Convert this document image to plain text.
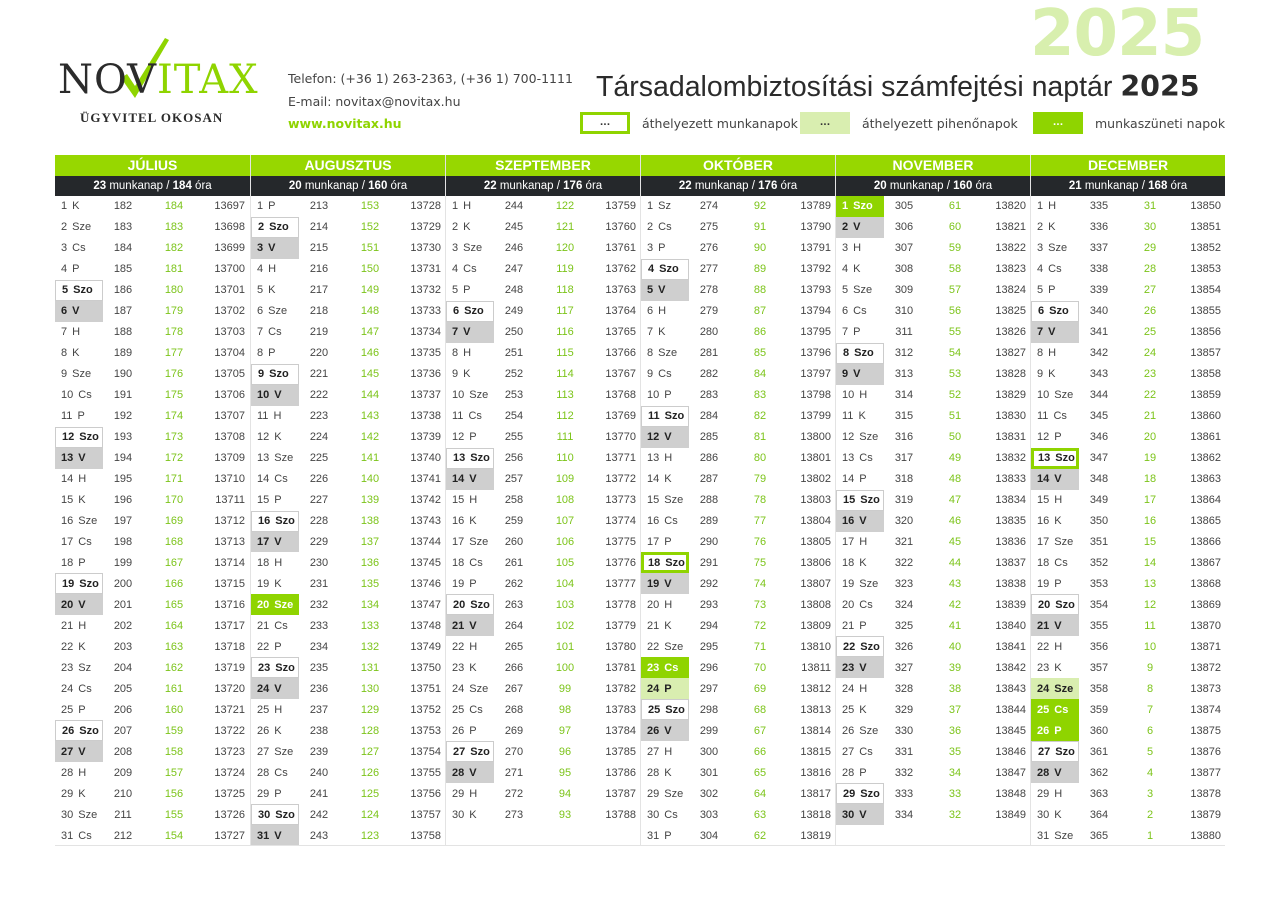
NOVITAX
ÜGYVITEL OKOSAN
Telefon: (+36 1) 263-2363, (+36 1) 700-1111
E-mail: novitax@novitax.hu
www.novitax.hu
2025
Társadalombiztosítási számfejtési naptár 2025
...	áthelyezett munkanapok	...	áthelyezett pihenőnapok	...	munkaszüneti napok
JÚLIUS
23 munkanap / 184 óra
1 K	182	184	13697
2 Sze	183	183	13698
3 Cs	184	182	13699
4 P	185	181	13700
5 Szo	186	180	13701
6 V	187	179	13702
7 H	188	178	13703
8 K	189	177	13704
9 Sze	190	176	13705
10 Cs	191	175	13706
11 P	192	174	13707
12 Szo	193	173	13708
13 V	194	172	13709
14 H	195	171	13710
15 K	196	170	13711
16 Sze	197	169	13712
17 Cs	198	168	13713
18 P	199	167	13714
19 Szo	200	166	13715
20 V	201	165	13716
21 H	202	164	13717
22 K	203	163	13718
23 Sz	204	162	13719
24 Cs	205	161	13720
25 P	206	160	13721
26 Szo	207	159	13722
27 V	208	158	13723
28 H	209	157	13724
29 K	210	156	13725
30 Sze	211	155	13726
31 Cs	212	154	13727
AUGUSZTUS
20 munkanap / 160 óra
1 P	213	153	13728
2 Szo	214	152	13729
3 V	215	151	13730
4 H	216	150	13731
5 K	217	149	13732
6 Sze	218	148	13733
7 Cs	219	147	13734
8 P	220	146	13735
9 Szo	221	145	13736
10 V	222	144	13737
11 H	223	143	13738
12 K	224	142	13739
13 Sze	225	141	13740
14 Cs	226	140	13741
15 P	227	139	13742
16 Szo	228	138	13743
17 V	229	137	13744
18 H	230	136	13745
19 K	231	135	13746
20 Sze	232	134	13747
21 Cs	233	133	13748
22 P	234	132	13749
23 Szo	235	131	13750
24 V	236	130	13751
25 H	237	129	13752
26 K	238	128	13753
27 Sze	239	127	13754
28 Cs	240	126	13755
29 P	241	125	13756
30 Szo	242	124	13757
31 V	243	123	13758
SZEPTEMBER
22 munkanap / 176 óra
1 H	244	122	13759
2 K	245	121	13760
3 Sze	246	120	13761
4 Cs	247	119	13762
5 P	248	118	13763
6 Szo	249	117	13764
7 V	250	116	13765
8 H	251	115	13766
9 K	252	114	13767
10 Sze	253	113	13768
11 Cs	254	112	13769
12 P	255	111	13770
13 Szo	256	110	13771
14 V	257	109	13772
15 H	258	108	13773
16 K	259	107	13774
17 Sze	260	106	13775
18 Cs	261	105	13776
19 P	262	104	13777
20 Szo	263	103	13778
21 V	264	102	13779
22 H	265	101	13780
23 K	266	100	13781
24 Sze	267	99	13782
25 Cs	268	98	13783
26 P	269	97	13784
27 Szo	270	96	13785
28 V	271	95	13786
29 H	272	94	13787
30 K	273	93	13788
OKTÓBER
22 munkanap / 176 óra
1 Sz	274	92	13789
2 Cs	275	91	13790
3 P	276	90	13791
4 Szo	277	89	13792
5 V	278	88	13793
6 H	279	87	13794
7 K	280	86	13795
8 Sze	281	85	13796
9 Cs	282	84	13797
10 P	283	83	13798
11 Szo	284	82	13799
12 V	285	81	13800
13 H	286	80	13801
14 K	287	79	13802
15 Sze	288	78	13803
16 Cs	289	77	13804
17 P	290	76	13805
18 Szo	291	75	13806
19 V	292	74	13807
20 H	293	73	13808
21 K	294	72	13809
22 Sze	295	71	13810
23 Cs	296	70	13811
24 P	297	69	13812
25 Szo	298	68	13813
26 V	299	67	13814
27 H	300	66	13815
28 K	301	65	13816
29 Sze	302	64	13817
30 Cs	303	63	13818
31 P	304	62	13819
NOVEMBER
20 munkanap / 160 óra
1 Szo	305	61	13820
2 V	306	60	13821
3 H	307	59	13822
4 K	308	58	13823
5 Sze	309	57	13824
6 Cs	310	56	13825
7 P	311	55	13826
8 Szo	312	54	13827
9 V	313	53	13828
10 H	314	52	13829
11 K	315	51	13830
12 Sze	316	50	13831
13 Cs	317	49	13832
14 P	318	48	13833
15 Szo	319	47	13834
16 V	320	46	13835
17 H	321	45	13836
18 K	322	44	13837
19 Sze	323	43	13838
20 Cs	324	42	13839
21 P	325	41	13840
22 Szo	326	40	13841
23 V	327	39	13842
24 H	328	38	13843
25 K	329	37	13844
26 Sze	330	36	13845
27 Cs	331	35	13846
28 P	332	34	13847
29 Szo	333	33	13848
30 V	334	32	13849
DECEMBER
21 munkanap / 168 óra
1 H	335	31	13850
2 K	336	30	13851
3 Sze	337	29	13852
4 Cs	338	28	13853
5 P	339	27	13854
6 Szo	340	26	13855
7 V	341	25	13856
8 H	342	24	13857
9 K	343	23	13858
10 Sze	344	22	13859
11 Cs	345	21	13860
12 P	346	20	13861
13 Szo	347	19	13862
14 V	348	18	13863
15 H	349	17	13864
16 K	350	16	13865
17 Sze	351	15	13866
18 Cs	352	14	13867
19 P	353	13	13868
20 Szo	354	12	13869
21 V	355	11	13870
22 H	356	10	13871
23 K	357	9	13872
24 Sze	358	8	13873
25 Cs	359	7	13874
26 P	360	6	13875
27 Szo	361	5	13876
28 V	362	4	13877
29 H	363	3	13878
30 K	364	2	13879
31 Sze	365	1	13880
